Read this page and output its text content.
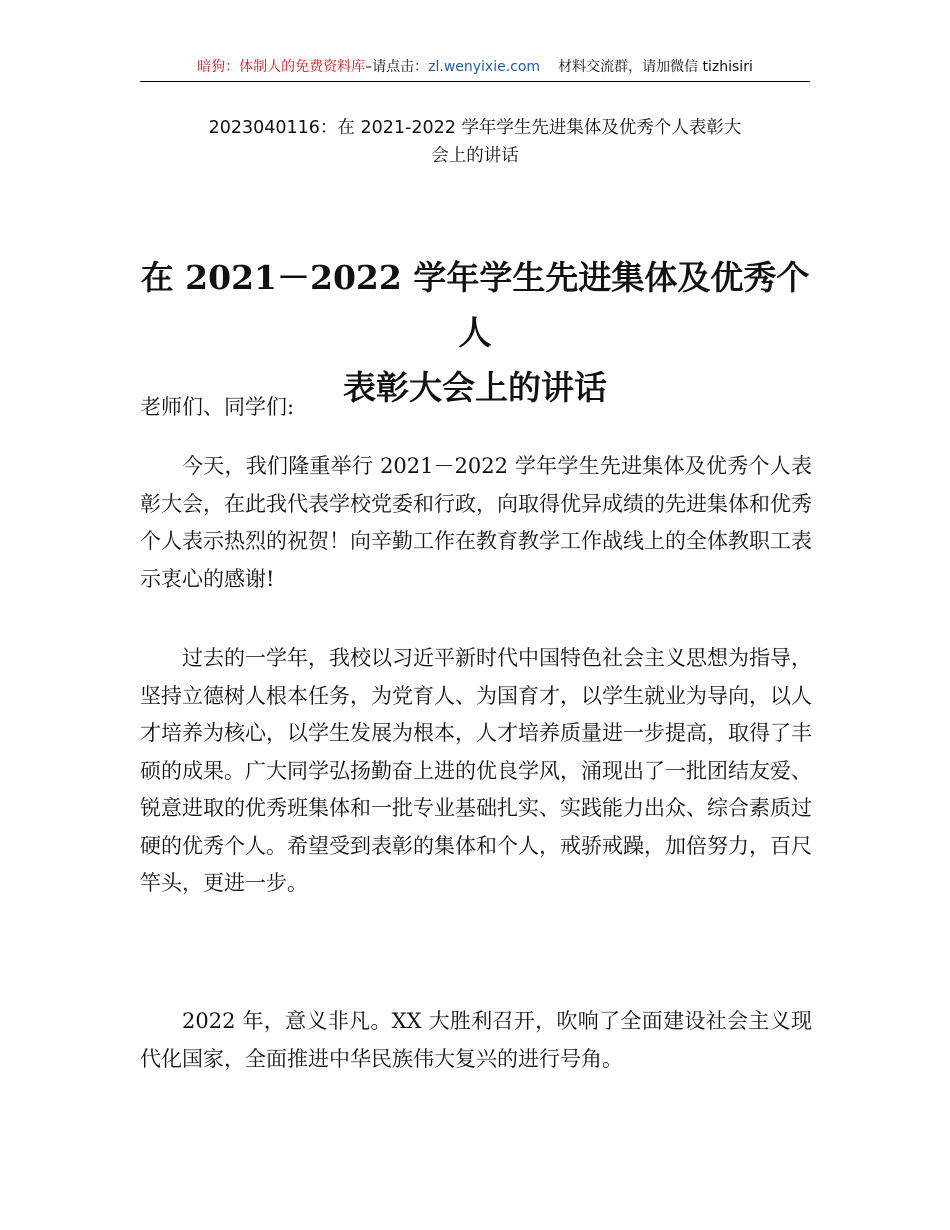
暗狗：体制人的免费资料库–请点击：zl.wenyixie.com 材料交流群，请加微信 tizhisiri
2023040116：在 2021-2022 学年学生先进集体及优秀个人表彰大
会上的讲话
在 2021－2022 学年学生先进集体及优秀个人
表彰大会上的讲话
老师们、同学们:

今天，我们隆重举行 2021－2022 学年学生先进集体及优秀个人表彰大会，在此我代表学校党委和行政，向取得优异成绩的先进集体和优秀个人表示热烈的祝贺！向辛勤工作在教育教学工作战线上的全体教职工表示衷心的感谢!

过去的一学年，我校以习近平新时代中国特色社会主义思想为指导，坚持立德树人根本任务，为党育人、为国育才，以学生就业为导向，以人才培养为核心，以学生发展为根本，人才培养质量进一步提高，取得了丰硕的成果。广大同学弘扬勤奋上进的优良学风，涌现出了一批团结友爱、锐意进取的优秀班集体和一批专业基础扎实、实践能力出众、综合素质过硬的优秀个人。希望受到表彰的集体和个人，戒骄戒躁，加倍努力，百尺竿头，更进一步。

2022 年，意义非凡。XX 大胜利召开，吹响了全面建设社会主义现代化国家，全面推进中华民族伟大复兴的进行号角。
